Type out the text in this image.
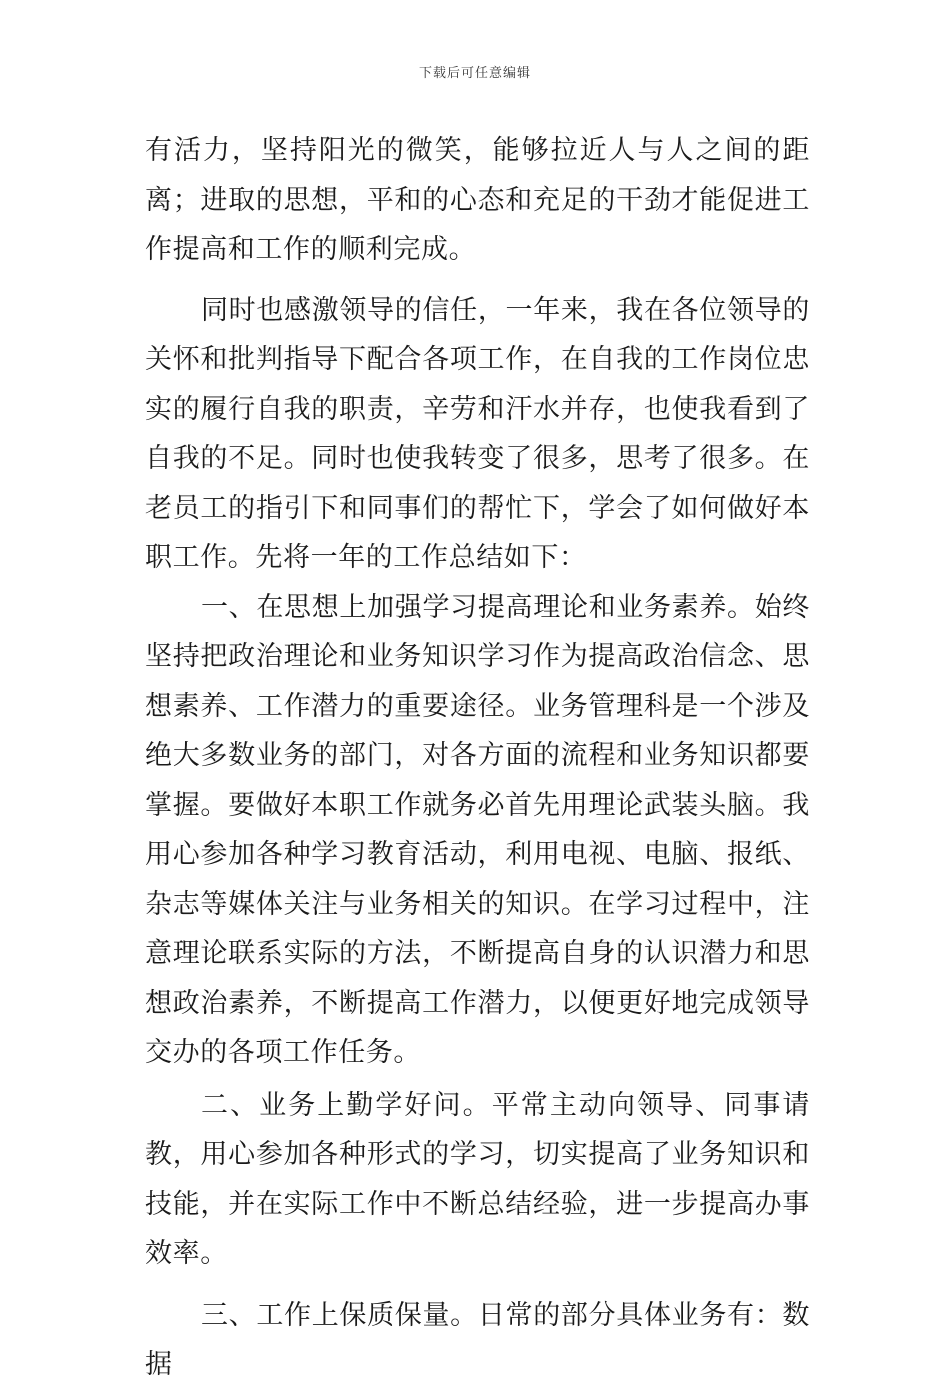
下载后可任意编辑

有活力，坚持阳光的微笑，能够拉近人与人之间的距离；进取的思想，平和的心态和充足的干劲才能促进工作提高和工作的顺利完成。

同时也感激领导的信任，一年来，我在各位领导的关怀和批判指导下配合各项工作，在自我的工作岗位忠实的履行自我的职责，辛劳和汗水并存，也使我看到了自我的不足。同时也使我转变了很多，思考了很多。在老员工的指引下和同事们的帮忙下，学会了如何做好本职工作。先将一年的工作总结如下：

一、在思想上加强学习提高理论和业务素养。始终坚持把政治理论和业务知识学习作为提高政治信念、思想素养、工作潜力的重要途径。业务管理科是一个涉及绝大多数业务的部门，对各方面的流程和业务知识都要掌握。要做好本职工作就务必首先用理论武装头脑。我用心参加各种学习教育活动，利用电视、电脑、报纸、杂志等媒体关注与业务相关的知识。在学习过程中，注意理论联系实际的方法，不断提高自身的认识潜力和思想政治素养，不断提高工作潜力，以便更好地完成领导交办的各项工作任务。

二、业务上勤学好问。平常主动向领导、同事请教，用心参加各种形式的学习，切实提高了业务知识和技能，并在实际工作中不断总结经验，进一步提高办事效率。

三、工作上保质保量。日常的部分具体业务有：数据
